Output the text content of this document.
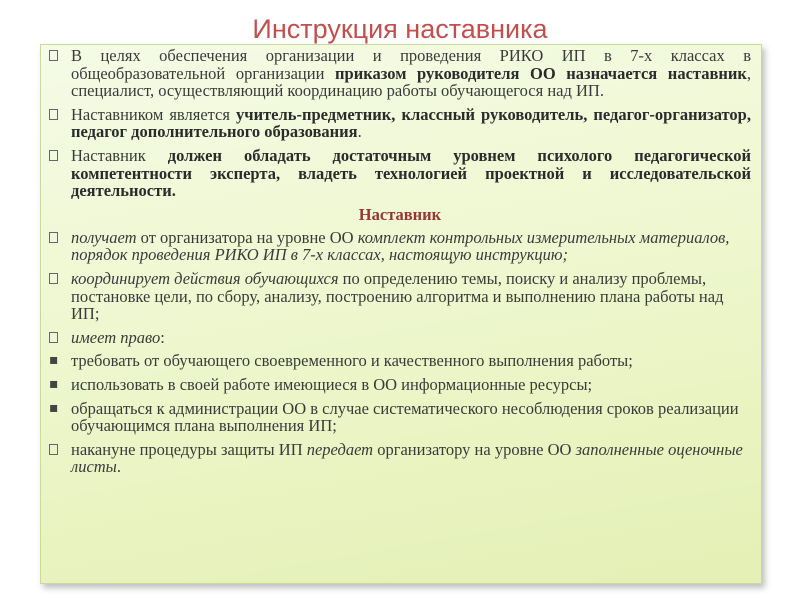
Инструкция наставника
В целях обеспечения организации и проведения РИКО ИП в 7-х классах в общеобразовательной организации приказом руководителя ОО назначается наставник, специалист, осуществляющий координацию работы обучающегося над ИП.
Наставником является учитель-предметник, классный руководитель, педагог-организатор, педагог дополнительного образования.
Наставник должен обладать достаточным уровнем психолого педагогической компетентности эксперта, владеть технологией проектной и исследовательской деятельности.
Наставник
получает от организатора на уровне ОО комплект контрольных измерительных материалов, порядок проведения РИКО ИП в 7-х классах, настоящую инструкцию;
координирует действия обучающихся по определению темы, поиску и анализу проблемы, постановке цели, по сбору, анализу, построению алгоритма и выполнению плана работы над ИП;
имеет право:
▪ требовать от обучающего своевременного и качественного выполнения работы;
▪ использовать в своей работе имеющиеся в ОО информационные ресурсы;
▪ обращаться к администрации ОО в случае систематического несоблюдения сроков реализации обучающимся плана выполнения ИП;
накануне процедуры защиты ИП передает организатору на уровне ОО заполненные оценочные листы.
